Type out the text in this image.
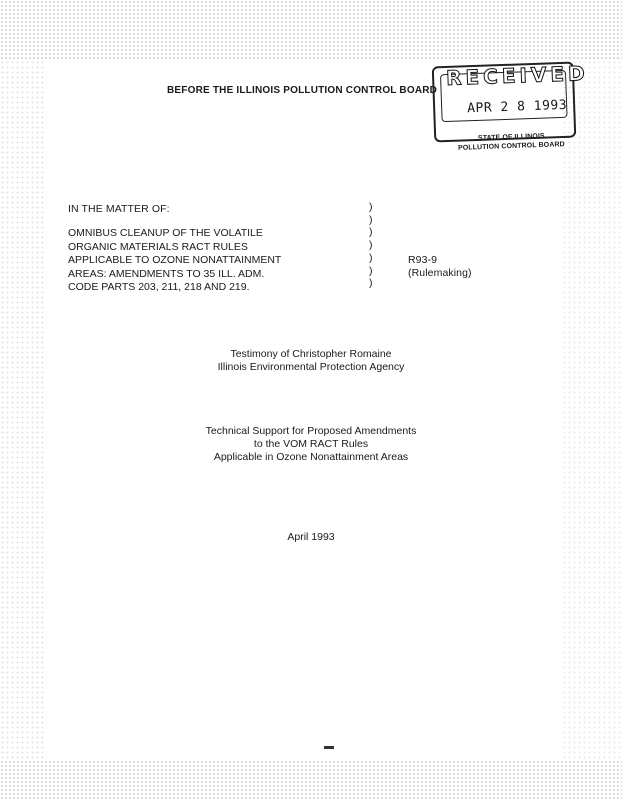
BEFORE THE ILLINOIS POLLUTION CONTROL BOARD
RECEIVED
APR 2 8 1993
STATE OF ILLINOIS
POLLUTION CONTROL BOARD
IN THE MATTER OF:
OMNIBUS CLEANUP OF THE VOLATILE
ORGANIC MATERIALS RACT RULES
APPLICABLE TO OZONE NONATTAINMENT
AREAS: AMENDMENTS TO 35 ILL. ADM.
CODE PARTS 203, 211, 218 AND 219.
)
)
)
)
)
)
)
R93-9
(Rulemaking)
Testimony of Christopher Romaine
Illinois Environmental Protection Agency
Technical Support for Proposed Amendments
to the VOM RACT Rules
Applicable in Ozone Nonattainment Areas
April 1993
